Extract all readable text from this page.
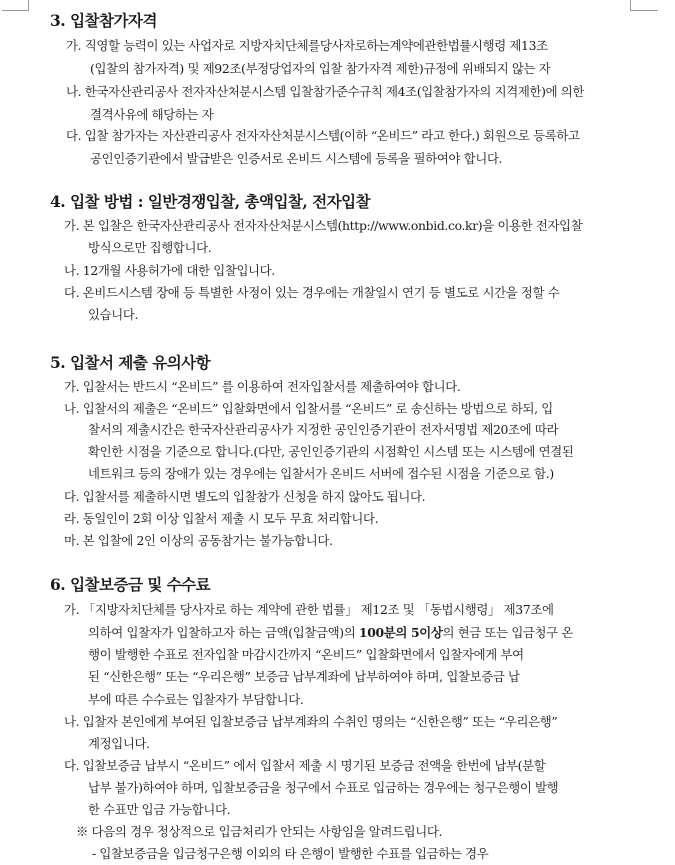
3. 입찰참가자격
가. 직영할 능력이 있는 사업자로 지방자치단체를당사자로하는계약에관한법률시행령 제13조
(입찰의 참가자격) 및 제92조(부정당업자의 입찰 참가자격 제한)규정에 위배되지 않는 자
나. 한국자산관리공사 전자자산처분시스템 입찰참가준수규칙 제4조(입찰참가자의 지격제한)에 의한
결격사유에 해당하는 자
다. 입찰 참가자는 자산관리공사 전자자산처분시스템(이하 “온비드” 라고 한다.) 회원으로 등록하고
공인인증기관에서 발급받은 인증서로 온비드 시스템에 등록을 필하여야 합니다.
4. 입찰 방법 : 일반경쟁입찰, 총액입찰, 전자입찰
가. 본 입찰은 한국자산관리공사 전자자산처분시스템(http://www.onbid.co.kr)을 이용한 전자입찰
방식으로만 집행합니다.
나. 12개월 사용허가에 대한 입찰입니다.
다. 온비드시스템 장애 등 특별한 사정이 있는 경우에는 개찰일시 연기 등 별도로 시간을 정할 수
있습니다.
5. 입찰서 제출 유의사항
가. 입찰서는 반드시 “온비드” 를 이용하여 전자입찰서를 제출하여야 합니다.
나. 입찰서의 제출은 “온비드” 입찰화면에서 입찰서를 “온비드” 로 송신하는 방법으로 하되, 입
찰서의 제출시간은 한국자산관리공사가 지정한 공인인증기관이 전자서명법 제20조에 따라
확인한 시점을 기준으로 합니다.(다만, 공인인증기관의 시점확인 시스템 또는 시스템에 연결된
네트워크 등의 장애가 있는 경우에는 입찰서가 온비드 서버에 접수된 시점을 기준으로 함.)
다. 입찰서를 제출하시면 별도의 입찰참가 신청을 하지 않아도 됩니다.
라. 동일인이 2회 이상 입찰서 제출 시 모두 무효 처리합니다.
마. 본 입찰에 2인 이상의 공동참가는 불가능합니다.
6. 입찰보증금 및 수수료
가. 「지방자치단체를 당사자로 하는 계약에 관한 법률」 제12조 및 「동법시행령」 제37조에
의하여 입찰자가 입찰하고자 하는 금액(입찰금액)의 100분의 5이상의 현금 또는 입금청구 온
행이 발행한 수표로 전자입찰 마감시간까지 “온비드” 입찰화면에서 입찰자에게 부여
된 “신한은행” 또는 “우리은행” 보증금 납부계좌에 납부하여야 하며, 입찰보증금 납
부에 따른 수수료는 입찰자가 부담합니다.
나. 입찰자 본인에게 부여된 입찰보증금 납부계좌의 수취인 명의는 “신한은행” 또는 “우리은행”
계정입니다.
다. 입찰보증금 납부시 “온비드” 에서 입찰서 제출 시 명기된 보증금 전액을 한번에 납부(분할
납부 불가)하여야 하며, 입찰보증금을 청구에서 수표로 입금하는 경우에는 청구은행이 발행
한 수표만 입금 가능합니다.
※ 다음의 경우 정상적으로 입금처리가 안되는 사항임을 알려드립니다.
- 입찰보증금을 입금청구은행 이외의 타 은행이 발행한 수표를 입금하는 경우
